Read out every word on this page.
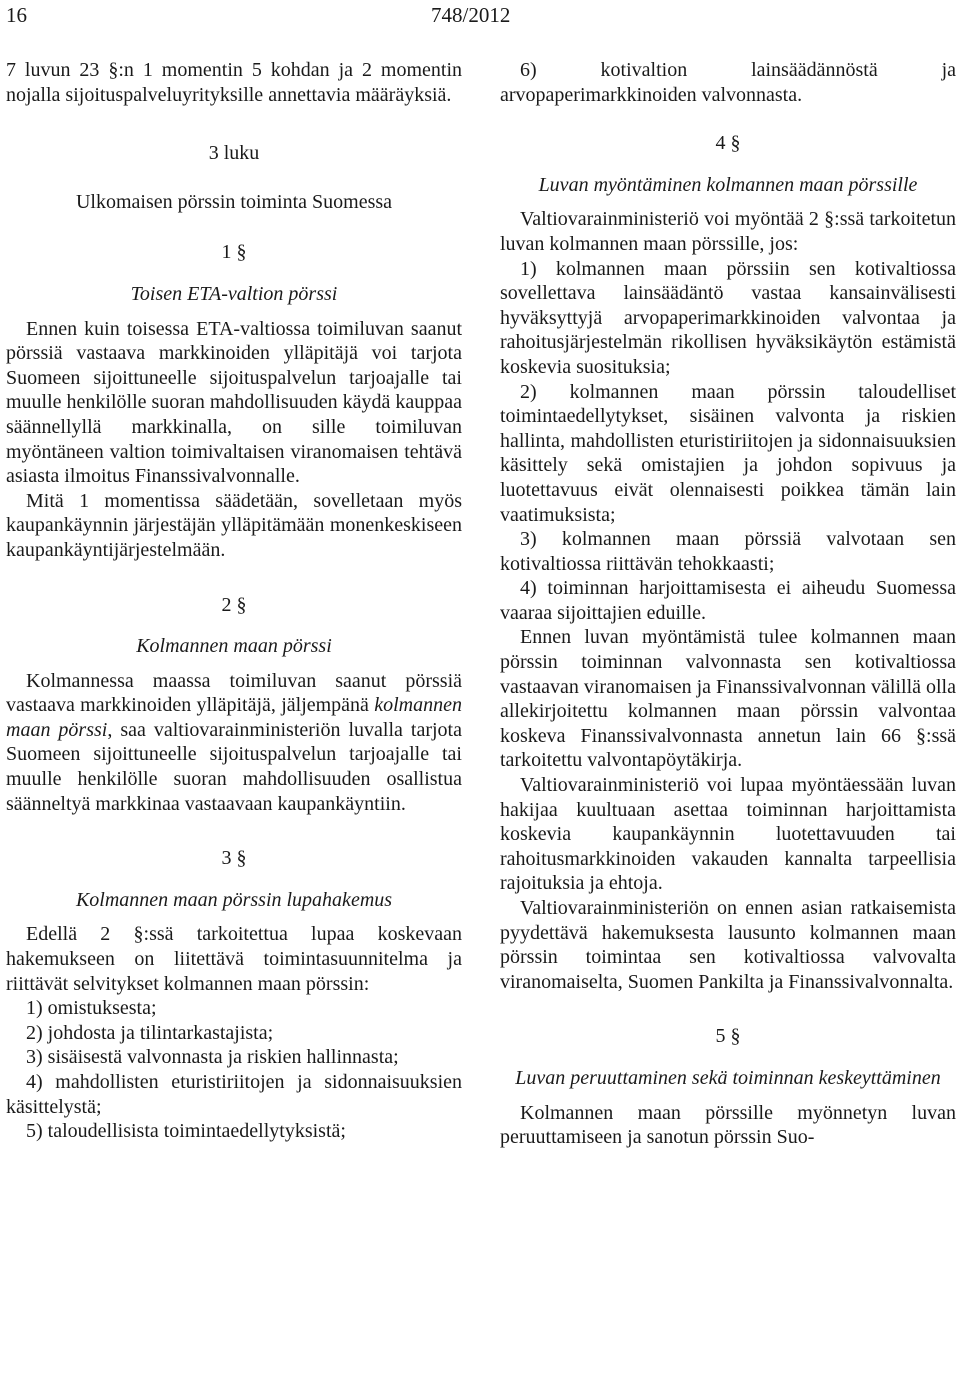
16	748/2012

7 luvun 23 §:n 1 momentin 5 kohdan ja 2 momentin nojalla sijoituspalveluyrityksille annettavia määräyksiä.

3 luku
Ulkomaisen pörssin toiminta Suomessa
1 §
Toisen ETA-valtion pörssi

Ennen kuin toisessa ETA-valtiossa toimiluvan saanut pörssiä vastaava markkinoiden ylläpitäjä voi tarjota Suomeen sijoittuneelle sijoituspalvelun tarjoajalle tai muulle henkilölle suoran mahdollisuuden käydä kauppaa säännellyllä markkinalla, on sille toimiluvan myöntäneen valtion toimivaltaisen viranomaisen tehtävä asiasta ilmoitus Finanssivalvonnalle.

Mitä 1 momentissa säädetään, sovelletaan myös kaupankäynnin järjestäjän ylläpitämään monenkeskiseen kaupankäyntijärjestelmään.

2 §
Kolmannen maan pörssi

Kolmannessa maassa toimiluvan saanut pörssiä vastaava markkinoiden ylläpitäjä, jäljempänä kolmannen maan pörssi, saa valtiovarainministeriön luvalla tarjota Suomeen sijoittuneelle sijoituspalvelun tarjoajalle tai muulle henkilölle suoran mahdollisuuden osallistua säänneltyä markkinaa vastaavaan kaupankäyntiin.

3 §
Kolmannen maan pörssin lupahakemus

Edellä 2 §:ssä tarkoitettua lupaa koskevaan hakemukseen on liitettävä toimintasuunnitelma ja riittävät selvitykset kolmannen maan pörssin:

1) omistuksesta;

2) johdosta ja tilintarkastajista;

3) sisäisestä valvonnasta ja riskien hallinnasta;

4) mahdollisten eturistiriitojen ja sidonnaisuuksien käsittelystä;

5) taloudellisista toimintaedellytyksistä;

6) kotivaltion lainsäädännöstä ja arvopaperimarkkinoiden valvonnasta.

4 §
Luvan myöntäminen kolmannen maan pörssille

Valtiovarainministeriö voi myöntää 2 §:ssä tarkoitetun luvan kolmannen maan pörssille, jos:

1) kolmannen maan pörssiin sen kotivaltiossa sovellettava lainsäädäntö vastaa kansainvälisesti hyväksyttyjä arvopaperimarkkinoiden valvontaa ja rahoitusjärjestelmän rikollisen hyväksikäytön estämistä koskevia suosituksia;

2) kolmannen maan pörssin taloudelliset toimintaedellytykset, sisäinen valvonta ja riskien hallinta, mahdollisten eturistiriitojen ja sidonnaisuuksien käsittely sekä omistajien ja johdon sopivuus ja luotettavuus eivät olennaisesti poikkea tämän lain vaatimuksista;

3) kolmannen maan pörssiä valvotaan sen kotivaltiossa riittävän tehokkaasti;

4) toiminnan harjoittamisesta ei aiheudu Suomessa vaaraa sijoittajien eduille.

Ennen luvan myöntämistä tulee kolmannen maan pörssin toiminnan valvonnasta sen kotivaltiossa vastaavan viranomaisen ja Finanssivalvonnan välillä olla allekirjoitettu kolmannen maan pörssin valvontaa koskeva Finanssivalvonnasta annetun lain 66 §:ssä tarkoitettu valvontapöytäkirja.

Valtiovarainministeriö voi lupaa myöntäessään luvan hakijaa kuultuaan asettaa toiminnan harjoittamista koskevia kaupankäynnin luotettavuuden tai rahoitusmarkkinoiden vakauden kannalta tarpeellisia rajoituksia ja ehtoja.

Valtiovarainministeriön on ennen asian ratkaisemista pyydettävä hakemuksesta lausunto kolmannen maan pörssin toimintaa sen kotivaltiossa valvovalta viranomaiselta, Suomen Pankilta ja Finanssivalvonnalta.

5 §
Luvan peruuttaminen sekä toiminnan keskeyttäminen

Kolmannen maan pörssille myönnetyn luvan peruuttamiseen ja sanotun pörssin Suo-
